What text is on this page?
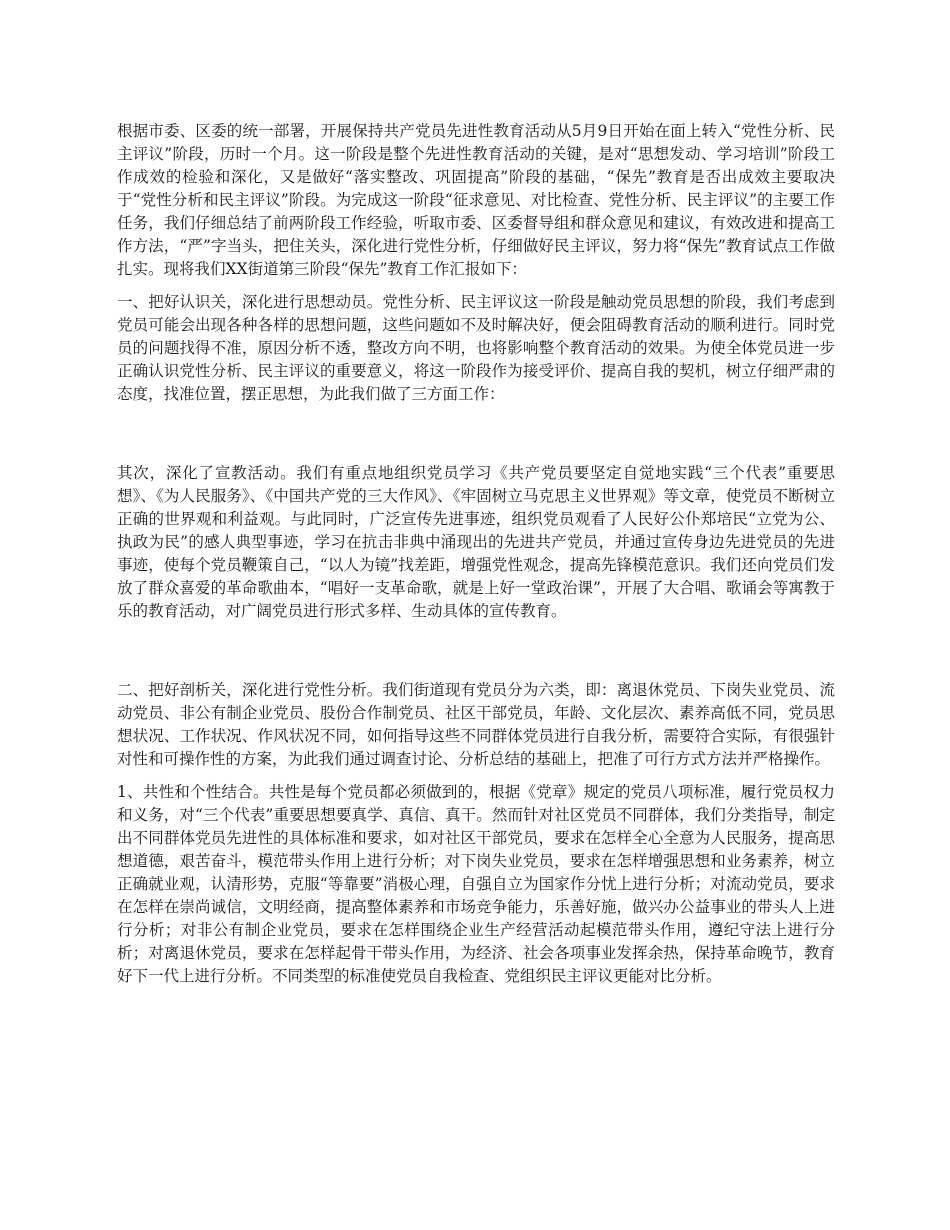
根据市委、区委的统一部署，开展保持共产党员先进性教育活动从5月9日开始在面上转入“党性分析、民主评议”阶段，历时一个月。这一阶段是整个先进性教育活动的关键，是对“思想发动、学习培训”阶段工作成效的检验和深化，又是做好“落实整改、巩固提高”阶段的基础，“保先”教育是否出成效主要取决于“党性分析和民主评议”阶段。为完成这一阶段“征求意见、对比检查、党性分析、民主评议”的主要工作任务，我们仔细总结了前两阶段工作经验，听取市委、区委督导组和群众意见和建议，有效改进和提高工作方法，“严”字当头，把住关头，深化进行党性分析，仔细做好民主评议，努力将“保先”教育试点工作做扎实。现将我们XX街道第三阶段“保先”教育工作汇报如下：

一、把好认识关，深化进行思想动员。党性分析、民主评议这一阶段是触动党员思想的阶段，我们考虑到党员可能会出现各种各样的思想问题，这些问题如不及时解决好，便会阻碍教育活动的顺利进行。同时党员的问题找得不准，原因分析不透，整改方向不明，也将影响整个教育活动的效果。为使全体党员进一步正确认识党性分析、民主评议的重要意义，将这一阶段作为接受评价、提高自我的契机，树立仔细严肃的态度，找准位置，摆正思想，为此我们做了三方面工作：

其次，深化了宣教活动。我们有重点地组织党员学习《共产党员要坚定自觉地实践“三个代表”重要思想》、《为人民服务》、《中国共产党的三大作风》、《牢固树立马克思主义世界观》等文章，使党员不断树立正确的世界观和利益观。与此同时，广泛宣传先进事迹，组织党员观看了人民好公仆郑培民“立党为公、执政为民”的感人典型事迹，学习在抗击非典中涌现出的先进共产党员，并通过宣传身边先进党员的先进事迹，使每个党员鞭策自己，“以人为镜”找差距，增强党性观念，提高先锋模范意识。我们还向党员们发放了群众喜爱的革命歌曲本，“唱好一支革命歌，就是上好一堂政治课”，开展了大合唱、歌诵会等寓教于乐的教育活动，对广阔党员进行形式多样、生动具体的宣传教育。

二、把好剖析关，深化进行党性分析。我们街道现有党员分为六类，即：离退休党员、下岗失业党员、流动党员、非公有制企业党员、股份合作制党员、社区干部党员，年龄、文化层次、素养高低不同，党员思想状况、工作状况、作风状况不同，如何指导这些不同群体党员进行自我分析，需要符合实际，有很强针对性和可操作性的方案，为此我们通过调查讨论、分析总结的基础上，把准了可行方式方法并严格操作。

1、共性和个性结合。共性是每个党员都必须做到的，根据《党章》规定的党员八项标准，履行党员权力和义务，对“三个代表”重要思想要真学、真信、真干。然而针对社区党员不同群体，我们分类指导，制定出不同群体党员先进性的具体标准和要求，如对社区干部党员，要求在怎样全心全意为人民服务，提高思想道德，艰苦奋斗，模范带头作用上进行分析；对下岗失业党员，要求在怎样增强思想和业务素养，树立正确就业观，认清形势，克服“等靠要”消极心理，自强自立为国家作分忧上进行分析；对流动党员，要求在怎样在崇尚诚信，文明经商，提高整体素养和市场竞争能力，乐善好施，做兴办公益事业的带头人上进行分析；对非公有制企业党员，要求在怎样围绕企业生产经营活动起模范带头作用，遵纪守法上进行分析；对离退休党员，要求在怎样起骨干带头作用，为经济、社会各项事业发挥余热，保持革命晚节，教育好下一代上进行分析。不同类型的标准使党员自我检查、党组织民主评议更能对比分析。
